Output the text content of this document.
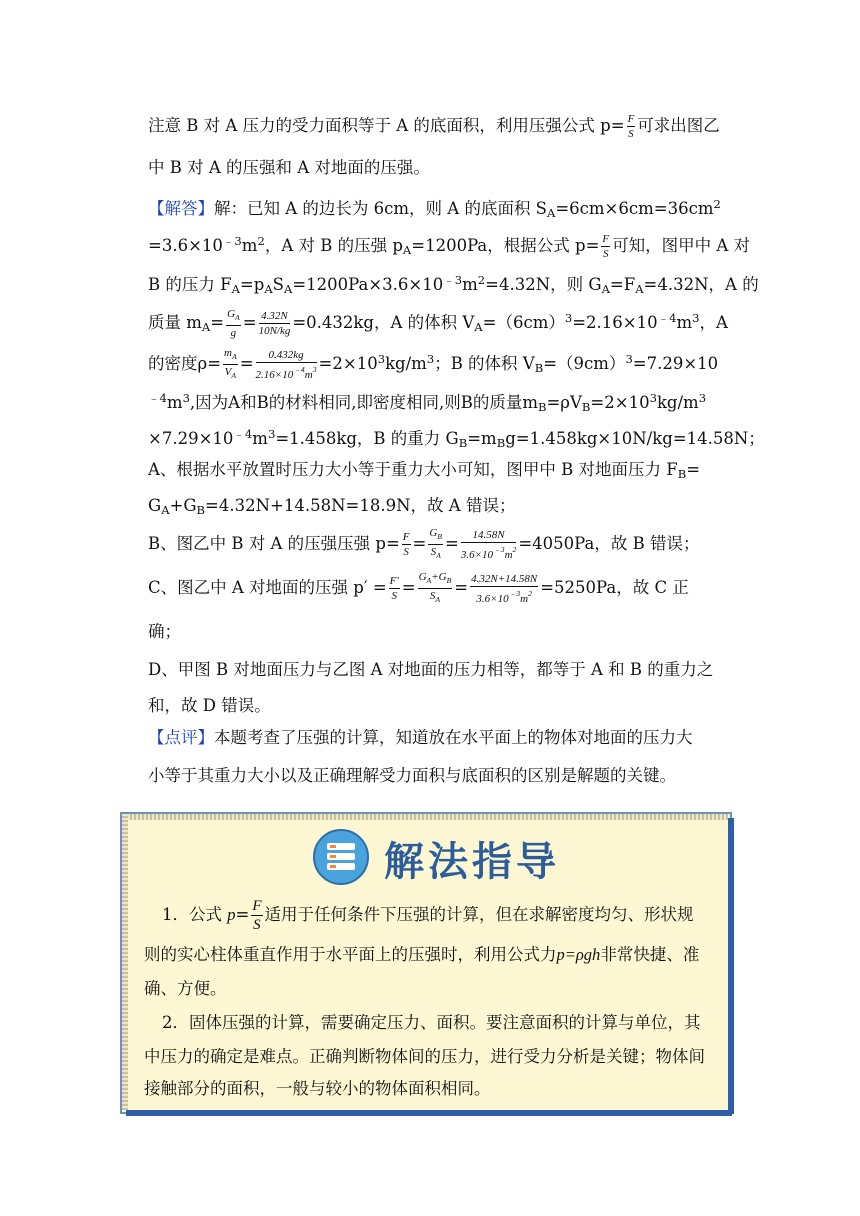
注意 B 对 A 压力的受力面积等于 A 的底面积，利用压强公式 $p= \frac{F}{S}$ 可求出图乙

中 B 对 A 的压强和 A 对地面的压强。

【解答】解：已知 A 的边长为 6cm，则 A 的底面积 $S_A=6cm\times 6cm=36cm^2$

$=3.6\times 10^{﹣3}m^2$，A 对 B 的压强 $p_A=1200Pa$，根据公式 $p= \frac{F}{S}$ 可知，图甲中 A 对

B 的压力 $F_A=p_AS_A=1200Pa\times 3.6\times 10^{﹣3}m^2=4.32N$，则 $G_A=F_A=4.32N$，A 的

质量 $m_A= \frac{G_A}{g} = \frac{4.32N}{10N/kg} =0.432kg$，A 的体积 $V_A=(6cm)^3=2.16\times 10^{﹣4}m^3$，A

的密度$\rho= \frac{m_A}{V_A} = \frac{0.432kg}{2.16\times 10^{﹣4}m^3} =2\times 10^3kg/m^3$；B 的体积 $V_B=(9cm)^3=7.29\times 10$

$^{﹣4}m^3$,因为A和B的材料相同,即密度相同,则B的质量$m_B=\rho V_B=2\times 10^3kg/m^3$

$\times 7.29\times 10^{﹣4}m^3=1.458kg$，B 的重力 $G_B=m_Bg=1.458kg\times 10N/kg=14.58N$；

A、根据水平放置时压力大小等于重力大小可知，图甲中 B 对地面压力 $F_B=$

$G_A+G_B=4.32N+14.58N=18.9N$，故 A 错误；

B、图乙中 B 对 A 的压强压强 $p= \frac{F}{S} = \frac{G_B}{S_A} = \frac{14.58N}{3.6\times 10^{﹣3}m^2} =4050Pa$，故 B 错误；

C、图乙中 A 对地面的压强 $p' = \frac{F'}{S} = \frac{G_A+G_B}{S_A} = \frac{4.32N+14.58N}{3.6\times 10^{﹣3}m^2} =5250Pa$，故 C 正

确；

D、甲图 B 对地面压力与乙图 A 对地面的压力相等，都等于 A 和 B 的重力之

和，故 D 错误。

【点评】本题考查了压强的计算，知道放在水平面上的物体对地面的压力大

小等于其重力大小以及正确理解受力面积与底面积的区别是解题的关键。

解法指导

1．公式 $p= \frac{F}{S}$ 适用于任何条件下压强的计算，但在求解密度均匀、形状规

则的实心柱体重直作用于水平面上的压强时，利用公式力p=ρgh非常快捷、准

确、方便。

2．固体压强的计算，需要确定压力、面积。要注意面积的计算与单位，其

中压力的确定是难点。正确判断物体间的压力，进行受力分析是关键；物体间

接触部分的面积，一般与较小的物体面积相同。
